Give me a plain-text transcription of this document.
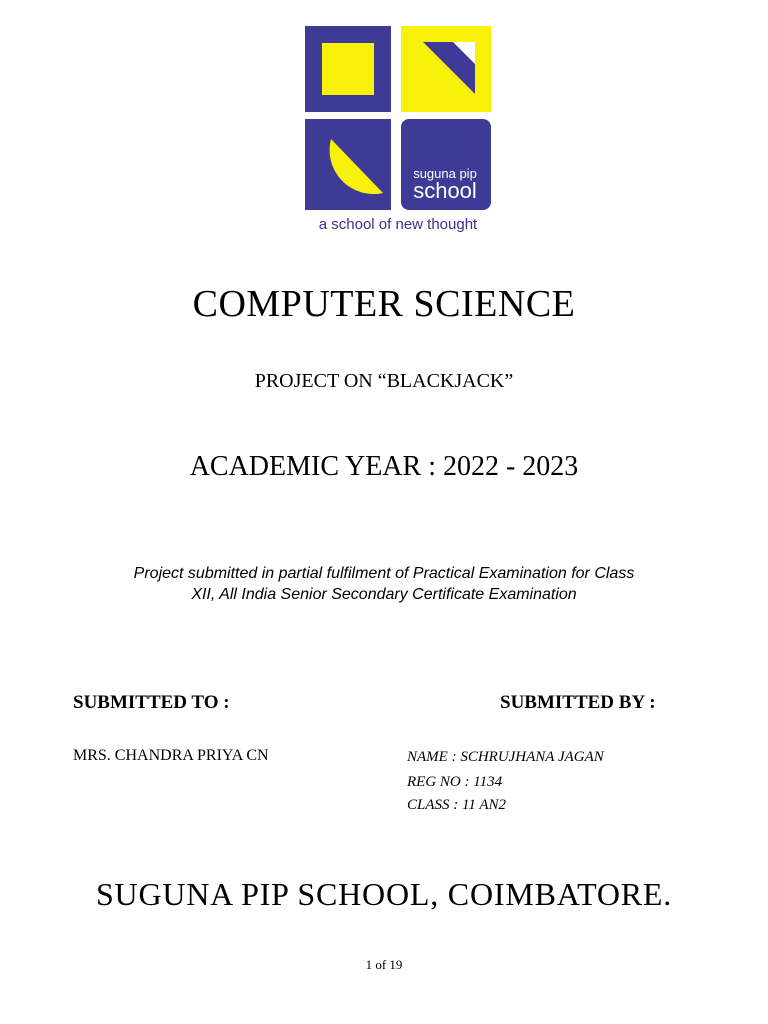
suguna pip
school
a school of new thought
COMPUTER SCIENCE
PROJECT ON “BLACKJACK”
ACADEMIC YEAR : 2022 - 2023
Project submitted in partial fulfilment of Practical Examination for Class
XII, All India Senior Secondary Certificate Examination
SUBMITTED TO :	SUBMITTED BY :
MRS. CHANDRA PRIYA CN	NAME : SCHRUJHANA JAGAN
REG NO : 1134
CLASS : 11 AN2
SUGUNA PIP SCHOOL, COIMBATORE.
1 of 19
